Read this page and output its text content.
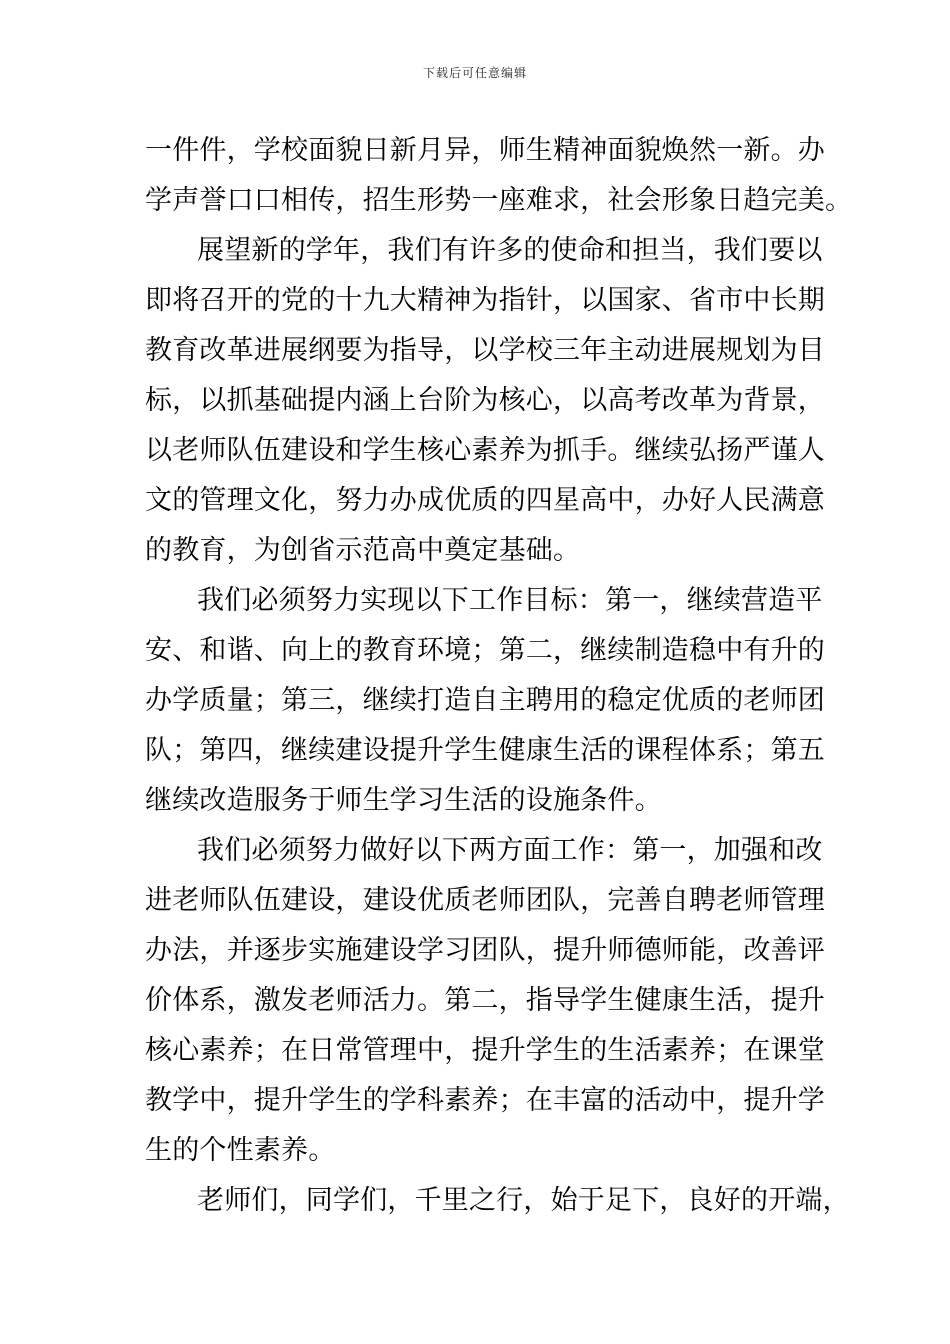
下载后可任意编辑
一件件，学校面貌日新月异，师生精神面貌焕然一新。办
学声誉口口相传，招生形势一座难求，社会形象日趋完美。
展望新的学年，我们有许多的使命和担当，我们要以
即将召开的党的十九大精神为指针，以国家、省市中长期
教育改革进展纲要为指导，以学校三年主动进展规划为目
标，以抓基础提内涵上台阶为核心，以高考改革为背景，
以老师队伍建设和学生核心素养为抓手。继续弘扬严谨人
文的管理文化，努力办成优质的四星高中，办好人民满意
的教育，为创省示范高中奠定基础。
我们必须努力实现以下工作目标：第一，继续营造平
安、和谐、向上的教育环境；第二，继续制造稳中有升的
办学质量；第三，继续打造自主聘用的稳定优质的老师团
队；第四，继续建设提升学生健康生活的课程体系；第五
继续改造服务于师生学习生活的设施条件。
我们必须努力做好以下两方面工作：第一，加强和改
进老师队伍建设，建设优质老师团队，完善自聘老师管理
办法，并逐步实施建设学习团队，提升师德师能，改善评
价体系，激发老师活力。第二，指导学生健康生活，提升
核心素养；在日常管理中，提升学生的生活素养；在课堂
教学中，提升学生的学科素养；在丰富的活动中，提升学
生的个性素养。
老师们，同学们，千里之行，始于足下，良好的开端，
